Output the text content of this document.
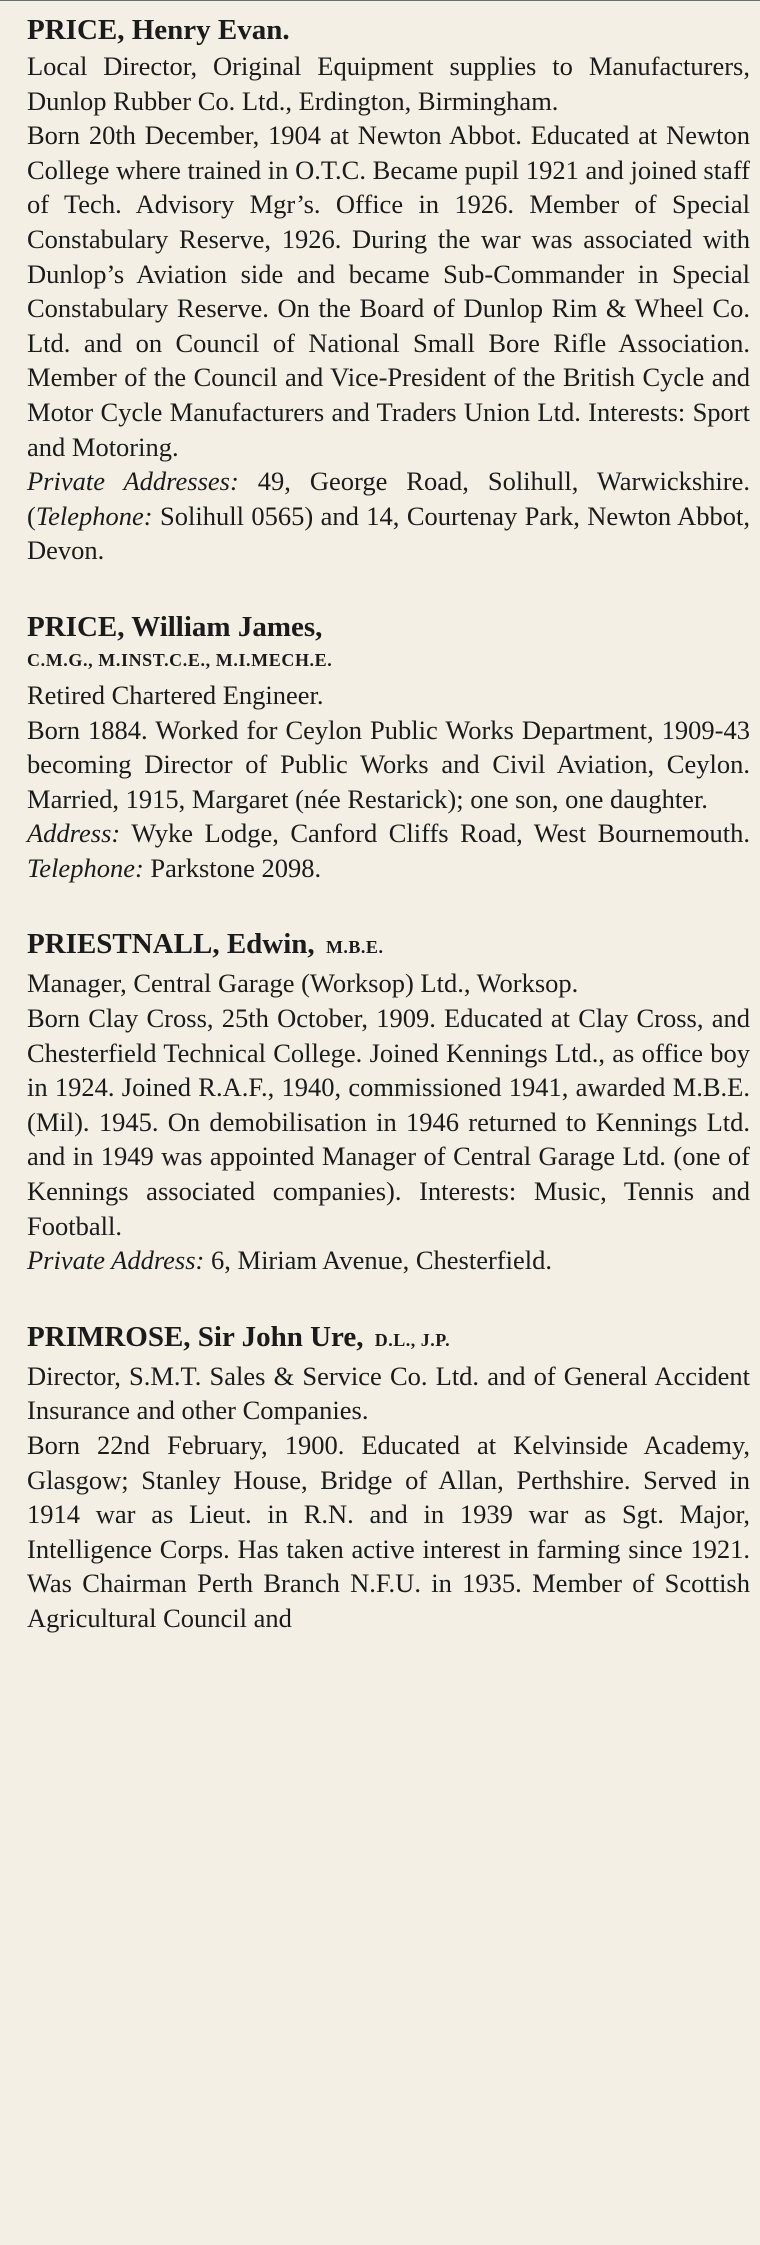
PRICE, Henry Evan.

Local Director, Original Equipment supplies to Manufacturers, Dunlop Rubber Co. Ltd., Erdington, Birmingham.

Born 20th December, 1904 at Newton Abbot. Educated at Newton College where trained in O.T.C. Became pupil 1921 and joined staff of Tech. Advisory Mgr’s. Office in 1926. Member of Special Constabulary Reserve, 1926. During the war was associated with Dunlop’s Aviation side and became Sub-Commander in Special Constabulary Reserve. On the Board of Dunlop Rim & Wheel Co. Ltd. and on Council of National Small Bore Rifle Association. Member of the Council and Vice-President of the British Cycle and Motor Cycle Manufacturers and Traders Union Ltd. Interests: Sport and Motoring.

Private Addresses: 49, George Road, Solihull, Warwickshire. (Telephone: Solihull 0565) and 14, Courtenay Park, Newton Abbot, Devon.

PRICE, William James,
C.M.G., M.INST.C.E., M.I.MECH.E.

Retired Chartered Engineer.

Born 1884. Worked for Ceylon Public Works Department, 1909-43 becoming Director of Public Works and Civil Aviation, Ceylon. Married, 1915, Margaret (née Restarick); one son, one daughter.

Address: Wyke Lodge, Canford Cliffs Road, West Bournemouth. Telephone: Parkstone 2098.

PRIESTNALL, Edwin, M.B.E.

Manager, Central Garage (Worksop) Ltd., Worksop.

Born Clay Cross, 25th October, 1909. Educated at Clay Cross, and Chesterfield Technical College. Joined Kennings Ltd., as office boy in 1924. Joined R.A.F., 1940, commissioned 1941, awarded M.B.E. (Mil). 1945. On demobilisation in 1946 returned to Kennings Ltd. and in 1949 was appointed Manager of Central Garage Ltd. (one of Kennings associated companies). Interests: Music, Tennis and Football.

Private Address: 6, Miriam Avenue, Chesterfield.

PRIMROSE, Sir John Ure, D.L., J.P.

Director, S.M.T. Sales & Service Co. Ltd. and of General Accident Insurance and other Companies.

Born 22nd February, 1900. Educated at Kelvinside Academy, Glasgow; Stanley House, Bridge of Allan, Perthshire. Served in 1914 war as Lieut. in R.N. and in 1939 war as Sgt. Major, Intelligence Corps. Has taken active interest in farming since 1921. Was Chairman Perth Branch N.F.U. in 1935. Member of Scottish Agricultural Council and
